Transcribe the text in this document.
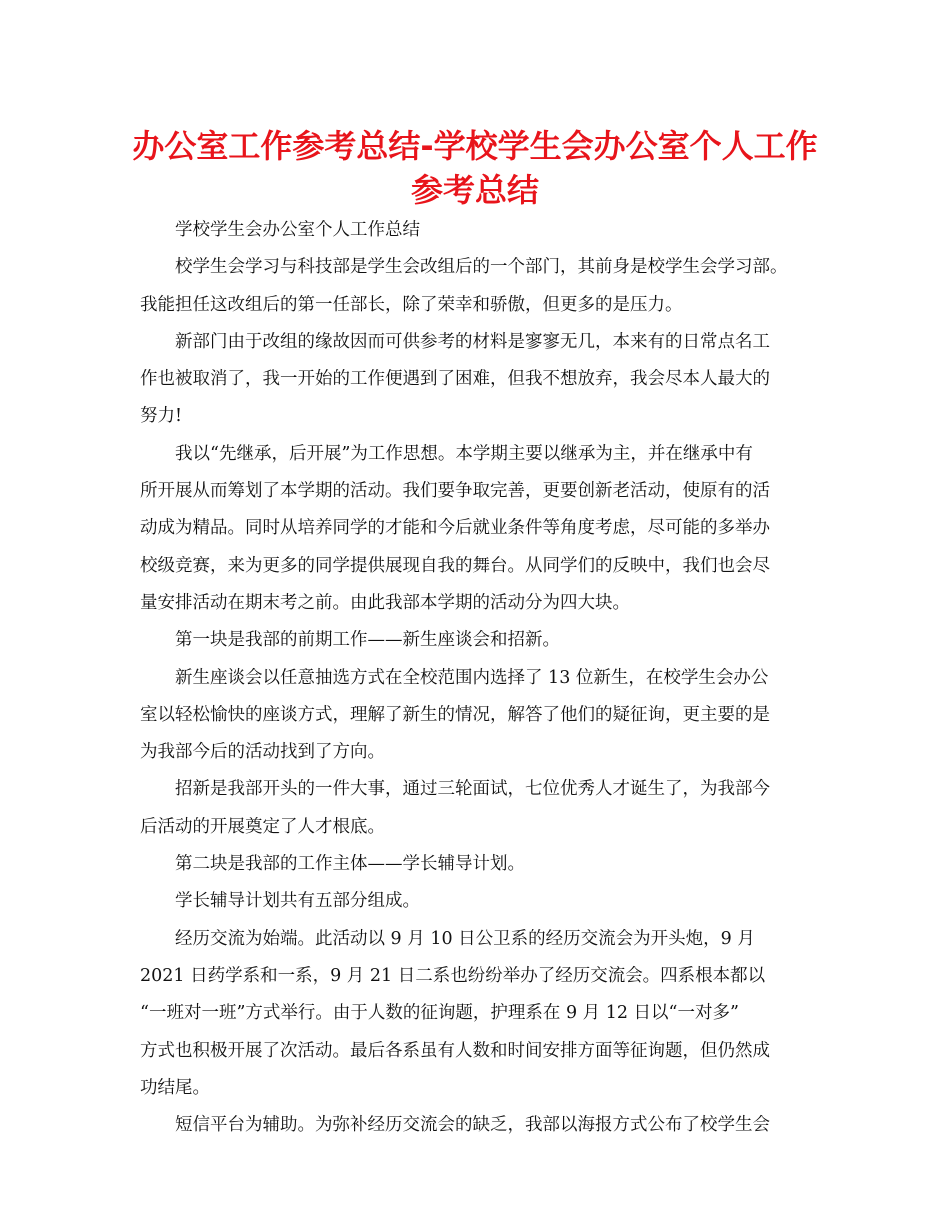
办公室工作参考总结-学校学生会办公室个人工作
参考总结
学校学生会办公室个人工作总结
校学生会学习与科技部是学生会改组后的一个部门，其前身是校学生会学习部。
我能担任这改组后的第一任部长，除了荣幸和骄傲，但更多的是压力。
新部门由于改组的缘故因而可供参考的材料是寥寥无几，本来有的日常点名工
作也被取消了，我一开始的工作便遇到了困难，但我不想放弃，我会尽本人最大的
努力!
我以“先继承，后开展”为工作思想。本学期主要以继承为主，并在继承中有
所开展从而筹划了本学期的活动。我们要争取完善，更要创新老活动，使原有的活
动成为精品。同时从培养同学的才能和今后就业条件等角度考虑，尽可能的多举办
校级竞赛，来为更多的同学提供展现自我的舞台。从同学们的反映中，我们也会尽
量安排活动在期末考之前。由此我部本学期的活动分为四大块。
第一块是我部的前期工作——新生座谈会和招新。
新生座谈会以任意抽选方式在全校范围内选择了 13 位新生，在校学生会办公
室以轻松愉快的座谈方式，理解了新生的情况，解答了他们的疑征询，更主要的是
为我部今后的活动找到了方向。
招新是我部开头的一件大事，通过三轮面试，七位优秀人才诞生了，为我部今
后活动的开展奠定了人才根底。
第二块是我部的工作主体——学长辅导计划。
学长辅导计划共有五部分组成。
经历交流为始端。此活动以 9 月 10 日公卫系的经历交流会为开头炮，9 月
2021 日药学系和一系，9 月 21 日二系也纷纷举办了经历交流会。四系根本都以
“一班对一班”方式举行。由于人数的征询题，护理系在 9 月 12 日以“一对多”
方式也积极开展了次活动。最后各系虽有人数和时间安排方面等征询题，但仍然成
功结尾。
短信平台为辅助。为弥补经历交流会的缺乏，我部以海报方式公布了校学生会
